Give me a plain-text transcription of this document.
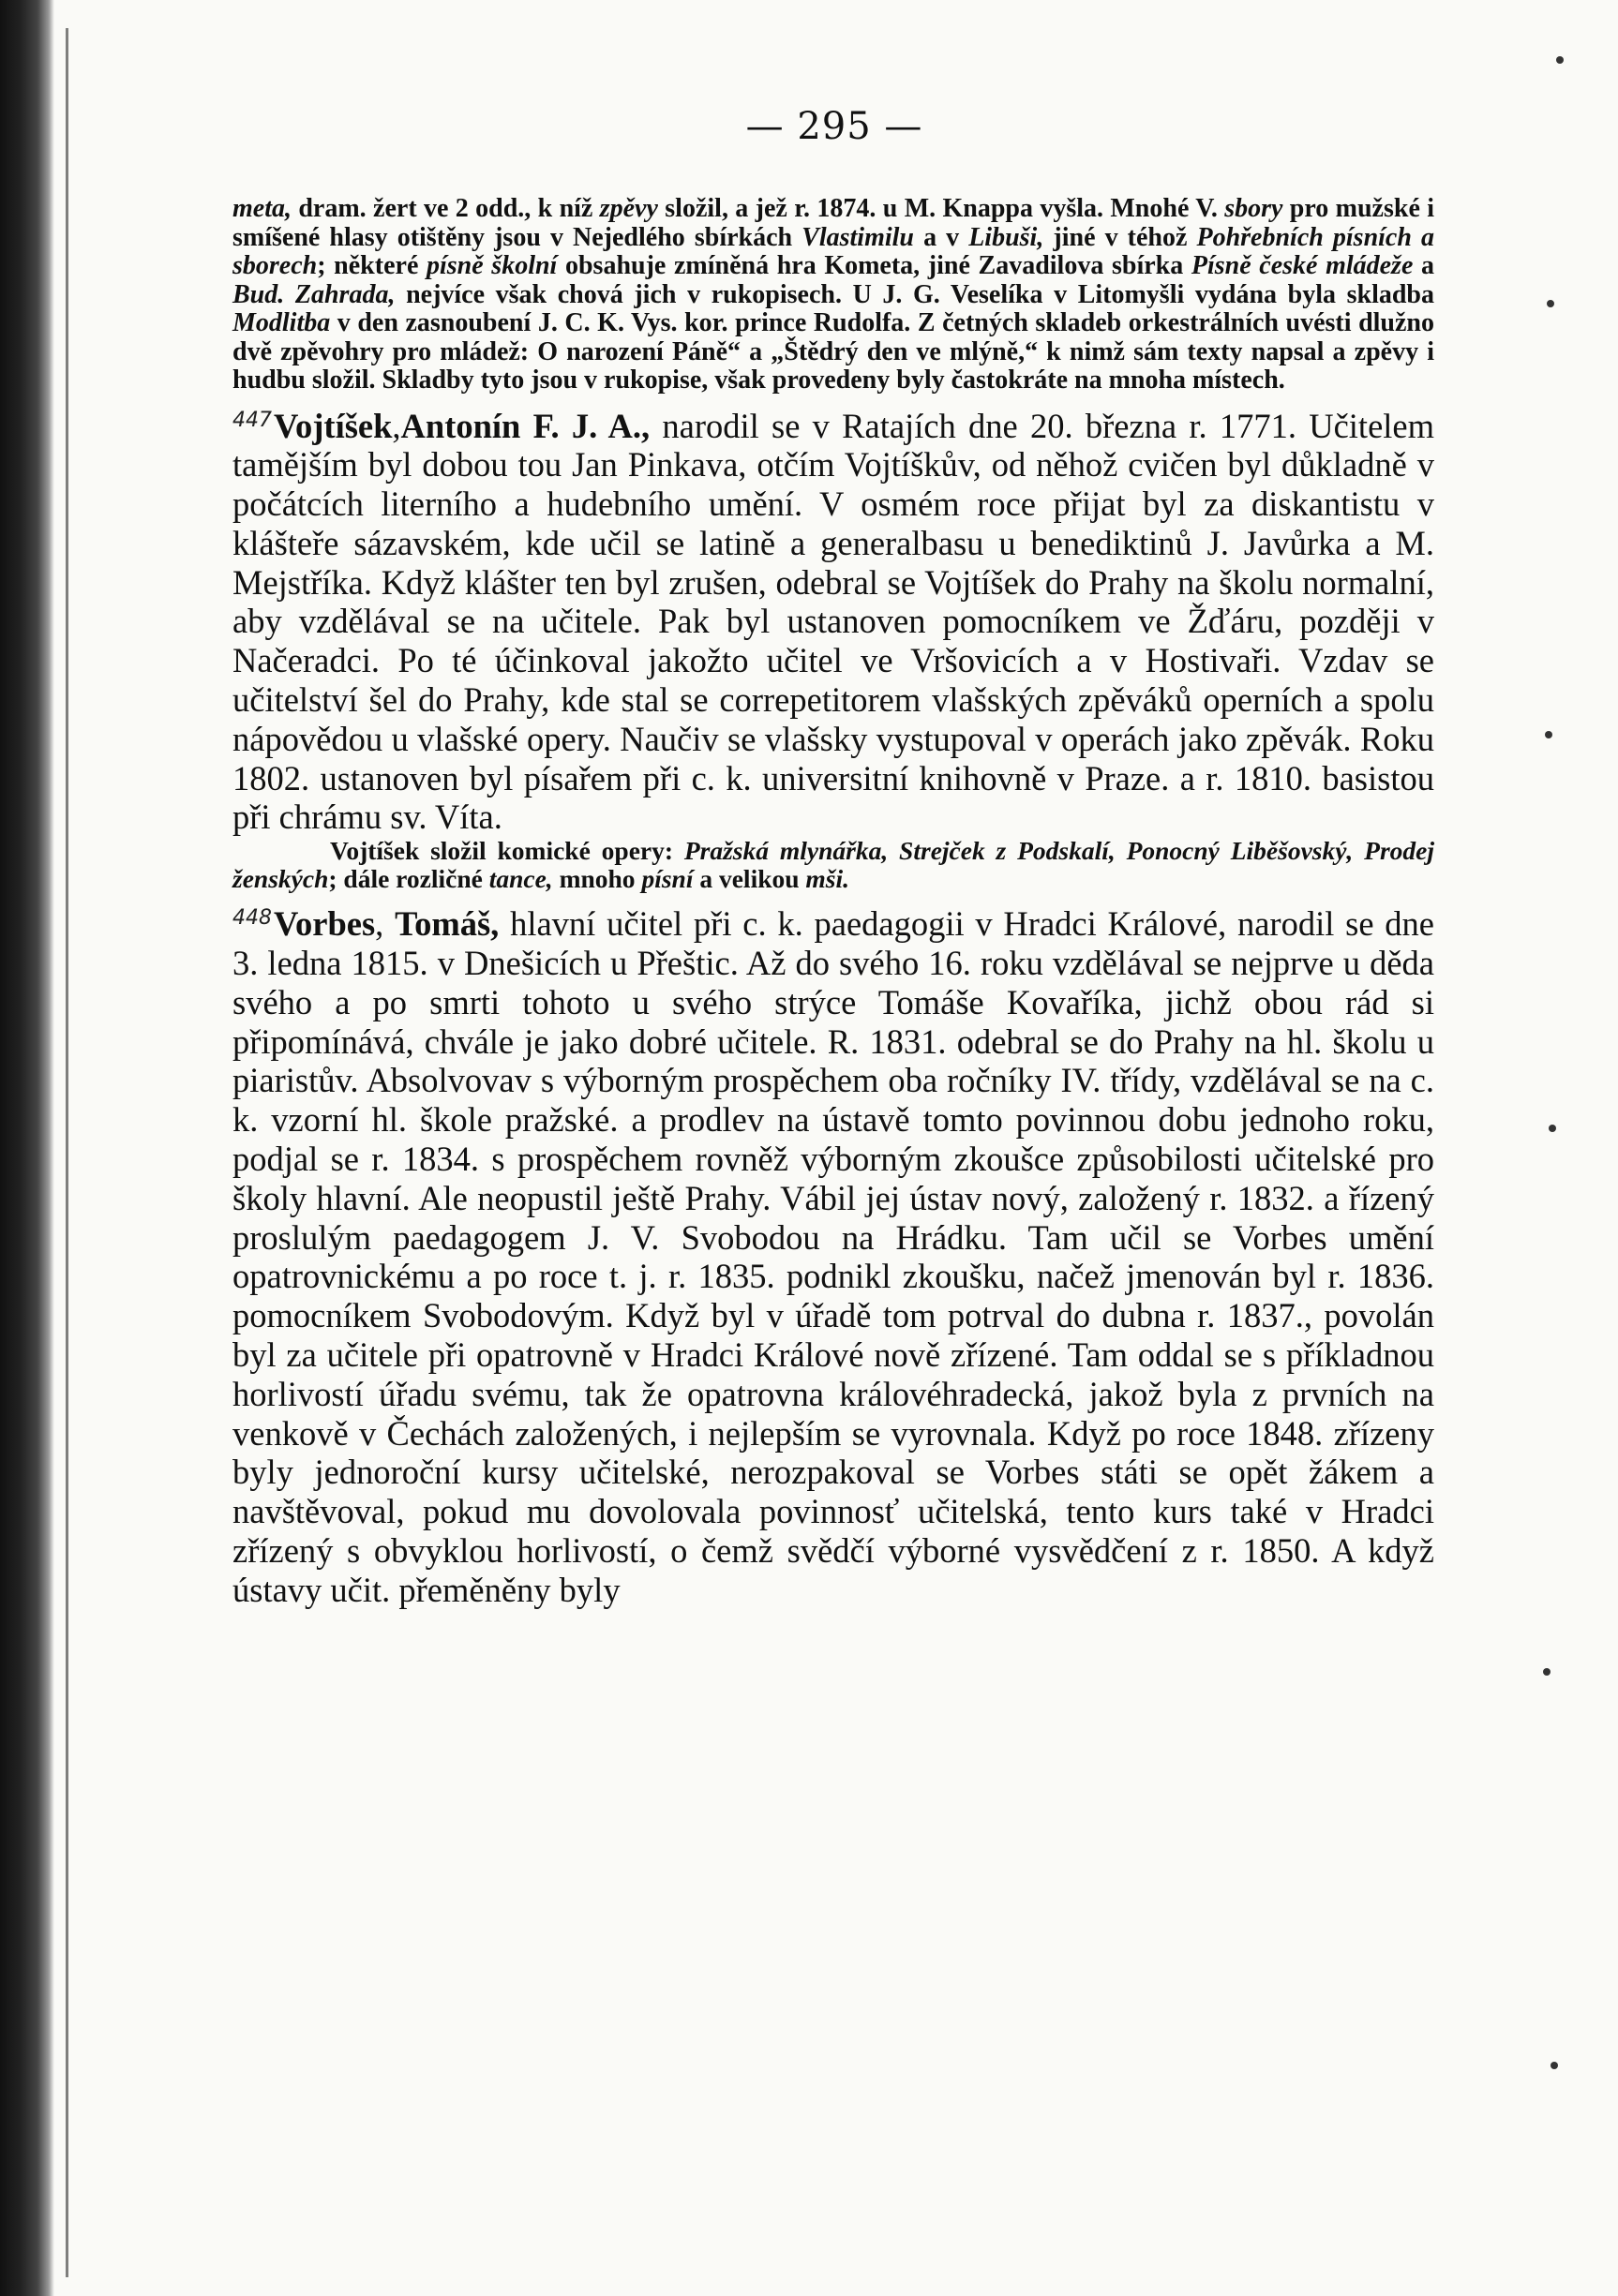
— 295 —

meta, dram. žert ve 2 odd., k níž zpěvy složil, a jež r. 1874. u M. Knappa vyšla. Mnohé V. sbory pro mužské i smíšené hlasy otištěny jsou v Nejedlého sbírkách Vlastimilu a v Libuši, jiné v téhož Pohřebních písních a sborech; některé písně školní obsahuje zmíněná hra Kometa, jiné Zavadilova sbírka Písně české mládeže a Bud. Zahrada, nejvíce však chová jich v rukopisech. U J. G. Veselíka v Litomyšli vydána byla skladba Modlitba v den zasnoubení J. C. K. Vys. kor. prince Rudolfa. Z četných skladeb orkestrálních uvésti dlužno dvě zpěvohry pro mládež: O narození Páně“ a „Štědrý den ve mlýně,“ k nimž sám texty napsal a zpěvy i hudbu složil. Skladby tyto jsou v rukopise, však provedeny byly častokráte na mnoha místech.

$^{447}$Vojtíšek,Antonín F. J. A., narodil se v Ratajích dne 20. března r. 1771. Učitelem tamějším byl dobou tou Jan Pinkava, otčím Vojtíškův, od něhož cvičen byl důkladně v počátcích literního a hudebního umění. V osmém roce přijat byl za diskantistu v klášteře sázavském, kde učil se latině a generalbasu u benediktinů J. Javůrka a M. Mejstříka. Když klášter ten byl zrušen, odebral se Vojtíšek do Prahy na školu normalní, aby vzdělával se na učitele. Pak byl ustanoven pomocníkem ve Žďáru, později v Načeradci. Po té účinkoval jakožto učitel ve Vršovicích a v Hostivaři. Vzdav se učitelství šel do Prahy, kde stal se correpetitorem vlašských zpěváků operních a spolu nápovědou u vlašské opery. Naučiv se vlašsky vystupoval v operách jako zpěvák. Roku 1802. ustanoven byl písařem při c. k. universitní knihovně v Praze. a r. 1810. basistou při chrámu sv. Víta.

Vojtíšek složil komické opery: Pražská mlynářka, Strejček z Podskalí, Ponocný Liběšovský, Prodej ženských; dále rozličné tance, mnoho písní a velikou mši.

$^{448}$Vorbes, Tomáš, hlavní učitel při c. k. paedagogii v Hradci Králové, narodil se dne 3. ledna 1815. v Dnešicích u Přeštic. Až do svého 16. roku vzdělával se nejprve u děda svého a po smrti tohoto u svého strýce Tomáše Kovaříka, jichž obou rád si připomínává, chvále je jako dobré učitele. R. 1831. odebral se do Prahy na hl. školu u piaristův. Absolvovav s výborným prospěchem oba ročníky IV. třídy, vzdělával se na c. k. vzorní hl. škole pražské. a prodlev na ústavě tomto povinnou dobu jednoho roku, podjal se r. 1834. s prospěchem rovněž výborným zkoušce způsobilosti učitelské pro školy hlavní. Ale neopustil ještě Prahy. Vábil jej ústav nový, založený r. 1832. a řízený proslulým paedagogem J. V. Svobodou na Hrádku. Tam učil se Vorbes umění opatrovnickému a po roce t. j. r. 1835. podnikl zkoušku, načež jmenován byl r. 1836. pomocníkem Svobodovým. Když byl v úřadě tom potrval do dubna r. 1837., povolán byl za učitele při opatrovně v Hradci Králové nově zřízené. Tam oddal se s příkladnou horlivostí úřadu svému, tak že opatrovna královéhradecká, jakož byla z prvních na venkově v Čechách založených, i nejlepším se vyrovnala. Když po roce 1848. zřízeny byly jednoroční kursy učitelské, nerozpakoval se Vorbes státi se opět žákem a navštěvoval, pokud mu dovolovala povinnosť učitelská, tento kurs také v Hradci zřízený s obvyklou horlivostí, o čemž svědčí výborné vysvědčení z r. 1850. A když ústavy učit. přeměněny byly
